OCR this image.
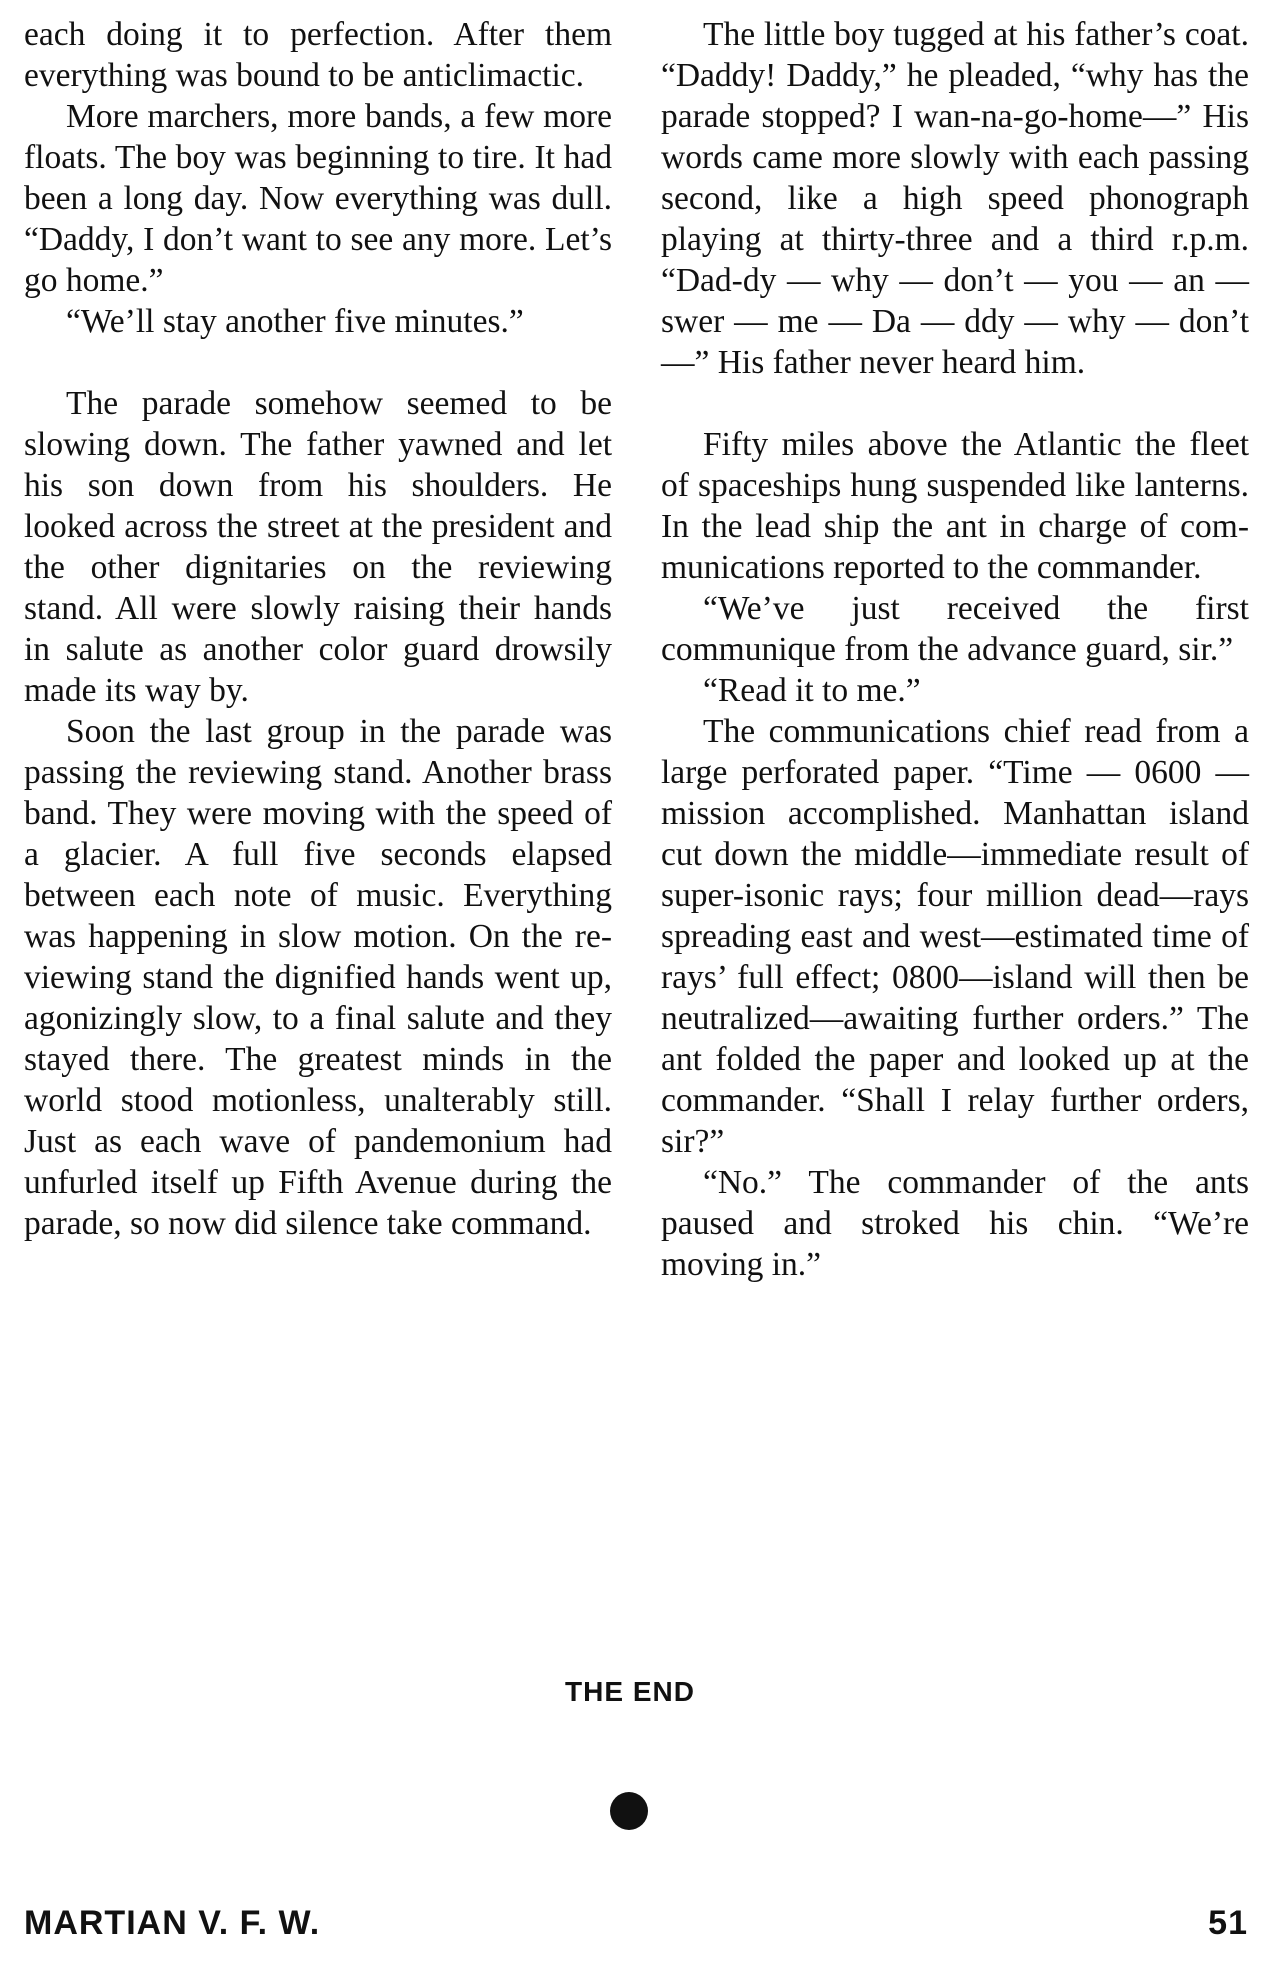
each doing it to perfection. After them everything was bound to be anticlimactic.

More marchers, more bands, a few more floats. The boy was beginning to tire. It had been a long day. Now everything was dull. “Daddy, I don’t want to see any more. Let’s go home.”

“We’ll stay another five minutes.”

The parade somehow seemed to be slowing down. The father yawned and let his son down from his shoulders. He looked across the street at the president and the other dignitaries on the reviewing stand. All were slowly raising their hands in salute as another color guard drowsily made its way by.

Soon the last group in the parade was passing the reviewing stand. Another brass band. They were moving with the speed of a glacier. A full five seconds elapsed between each note of music. Everything was happening in slow motion. On the reviewing stand the dignified hands went up, agonizingly slow, to a final salute and they stayed there. The greatest minds in the world stood motionless, unalterably still. Just as each wave of pandemonium had unfurled itself up Fifth Avenue during the parade, so now did silence take command.

The little boy tugged at his father’s coat. “Daddy! Daddy,” he pleaded, “why has the parade stopped? I wan-na-go-home—” His words came more slowly with each passing second, like a high speed phonograph playing at thirty-three and a third r.p.m. “Dad-dy — why — don’t — you — an — swer — me — Da — ddy — why — don’t —” His father never heard him.

Fifty miles above the Atlantic the fleet of spaceships hung suspended like lanterns. In the lead ship the ant in charge of communications reported to the commander.

“We’ve just received the first communique from the advance guard, sir.”

“Read it to me.”

The communications chief read from a large perforated paper. “Time — 0600 — mission accomplished. Manhattan island cut down the middle—immediate result of super-isonic rays; four million dead—rays spreading east and west—estimated time of rays’ full effect; 0800—island will then be neutralized—awaiting further orders.” The ant folded the paper and looked up at the commander. “Shall I relay further orders, sir?”

“No.” The commander of the ants paused and stroked his chin. “We’re moving in.”

THE END
MARTIAN V. F. W.	51
